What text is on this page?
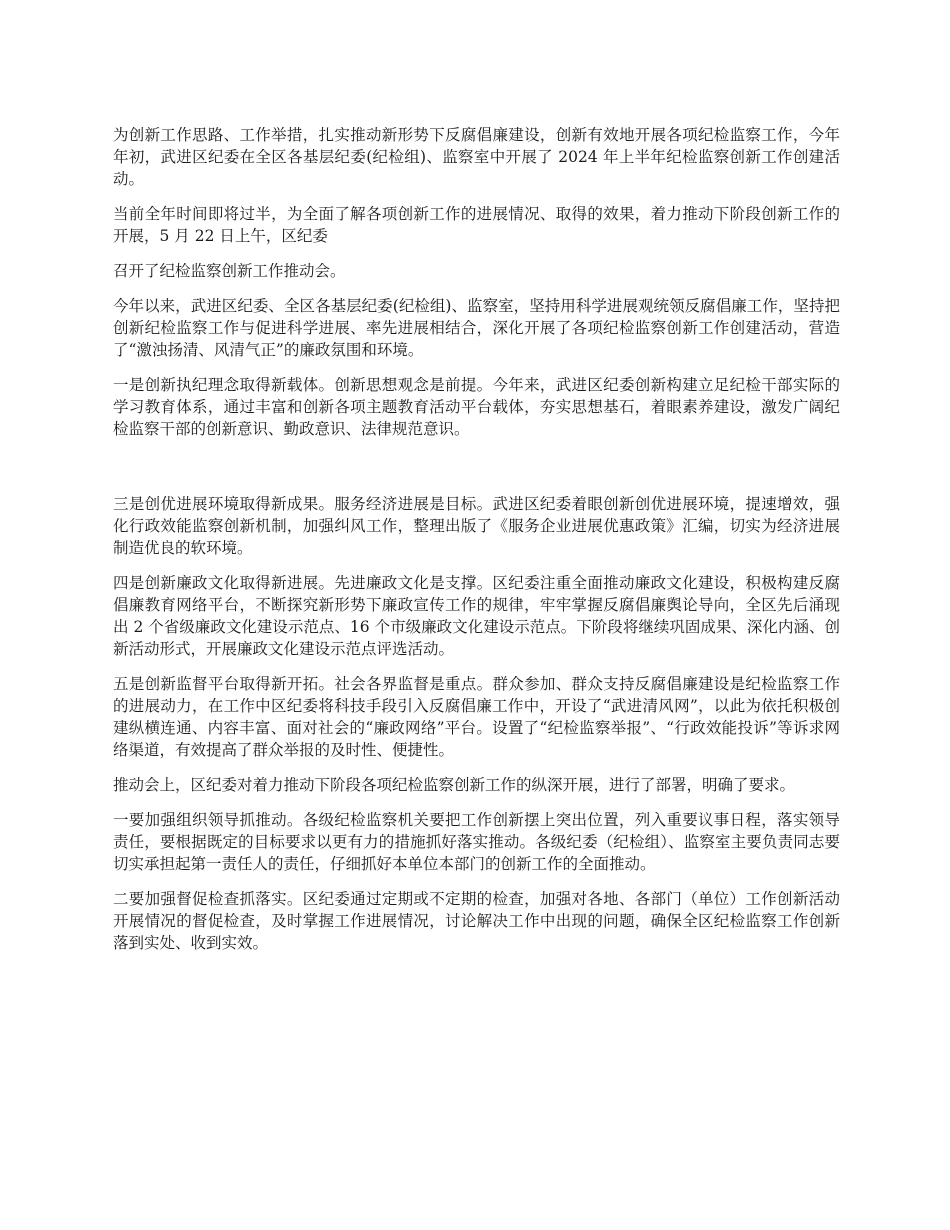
为创新工作思路、工作举措，扎实推动新形势下反腐倡廉建设，创新有效地开展各项纪检监察工作，今年年初，武进区纪委在全区各基层纪委(纪检组)、监察室中开展了 2024 年上半年纪检监察创新工作创建活动。

当前全年时间即将过半，为全面了解各项创新工作的进展情况、取得的效果，着力推动下阶段创新工作的开展，5 月 22 日上午，区纪委

召开了纪检监察创新工作推动会。

今年以来，武进区纪委、全区各基层纪委(纪检组)、监察室，坚持用科学进展观统领反腐倡廉工作，坚持把创新纪检监察工作与促进科学进展、率先进展相结合，深化开展了各项纪检监察创新工作创建活动，营造了“激浊扬清、风清气正”的廉政氛围和环境。

一是创新执纪理念取得新载体。创新思想观念是前提。今年来，武进区纪委创新构建立足纪检干部实际的学习教育体系，通过丰富和创新各项主题教育活动平台载体，夯实思想基石，着眼素养建设，激发广阔纪检监察干部的创新意识、勤政意识、法律规范意识。

三是创优进展环境取得新成果。服务经济进展是目标。武进区纪委着眼创新创优进展环境，提速增效，强化行政效能监察创新机制，加强纠风工作，整理出版了《服务企业进展优惠政策》汇编，切实为经济进展制造优良的软环境。

四是创新廉政文化取得新进展。先进廉政文化是支撑。区纪委注重全面推动廉政文化建设，积极构建反腐倡廉教育网络平台，不断探究新形势下廉政宣传工作的规律，牢牢掌握反腐倡廉舆论导向，全区先后涌现出 2 个省级廉政文化建设示范点、16 个市级廉政文化建设示范点。下阶段将继续巩固成果、深化内涵、创新活动形式，开展廉政文化建设示范点评选活动。

五是创新监督平台取得新开拓。社会各界监督是重点。群众参加、群众支持反腐倡廉建设是纪检监察工作的进展动力，在工作中区纪委将科技手段引入反腐倡廉工作中，开设了“武进清风网”，以此为依托积极创建纵横连通、内容丰富、面对社会的“廉政网络”平台。设置了“纪检监察举报”、“行政效能投诉”等诉求网络渠道，有效提高了群众举报的及时性、便捷性。

推动会上，区纪委对着力推动下阶段各项纪检监察创新工作的纵深开展，进行了部署，明确了要求。

一要加强组织领导抓推动。各级纪检监察机关要把工作创新摆上突出位置，列入重要议事日程，落实领导责任，要根据既定的目标要求以更有力的措施抓好落实推动。各级纪委（纪检组）、监察室主要负责同志要切实承担起第一责任人的责任，仔细抓好本单位本部门的创新工作的全面推动。

二要加强督促检查抓落实。区纪委通过定期或不定期的检查，加强对各地、各部门（单位）工作创新活动开展情况的督促检查，及时掌握工作进展情况，讨论解决工作中出现的问题，确保全区纪检监察工作创新落到实处、收到实效。
